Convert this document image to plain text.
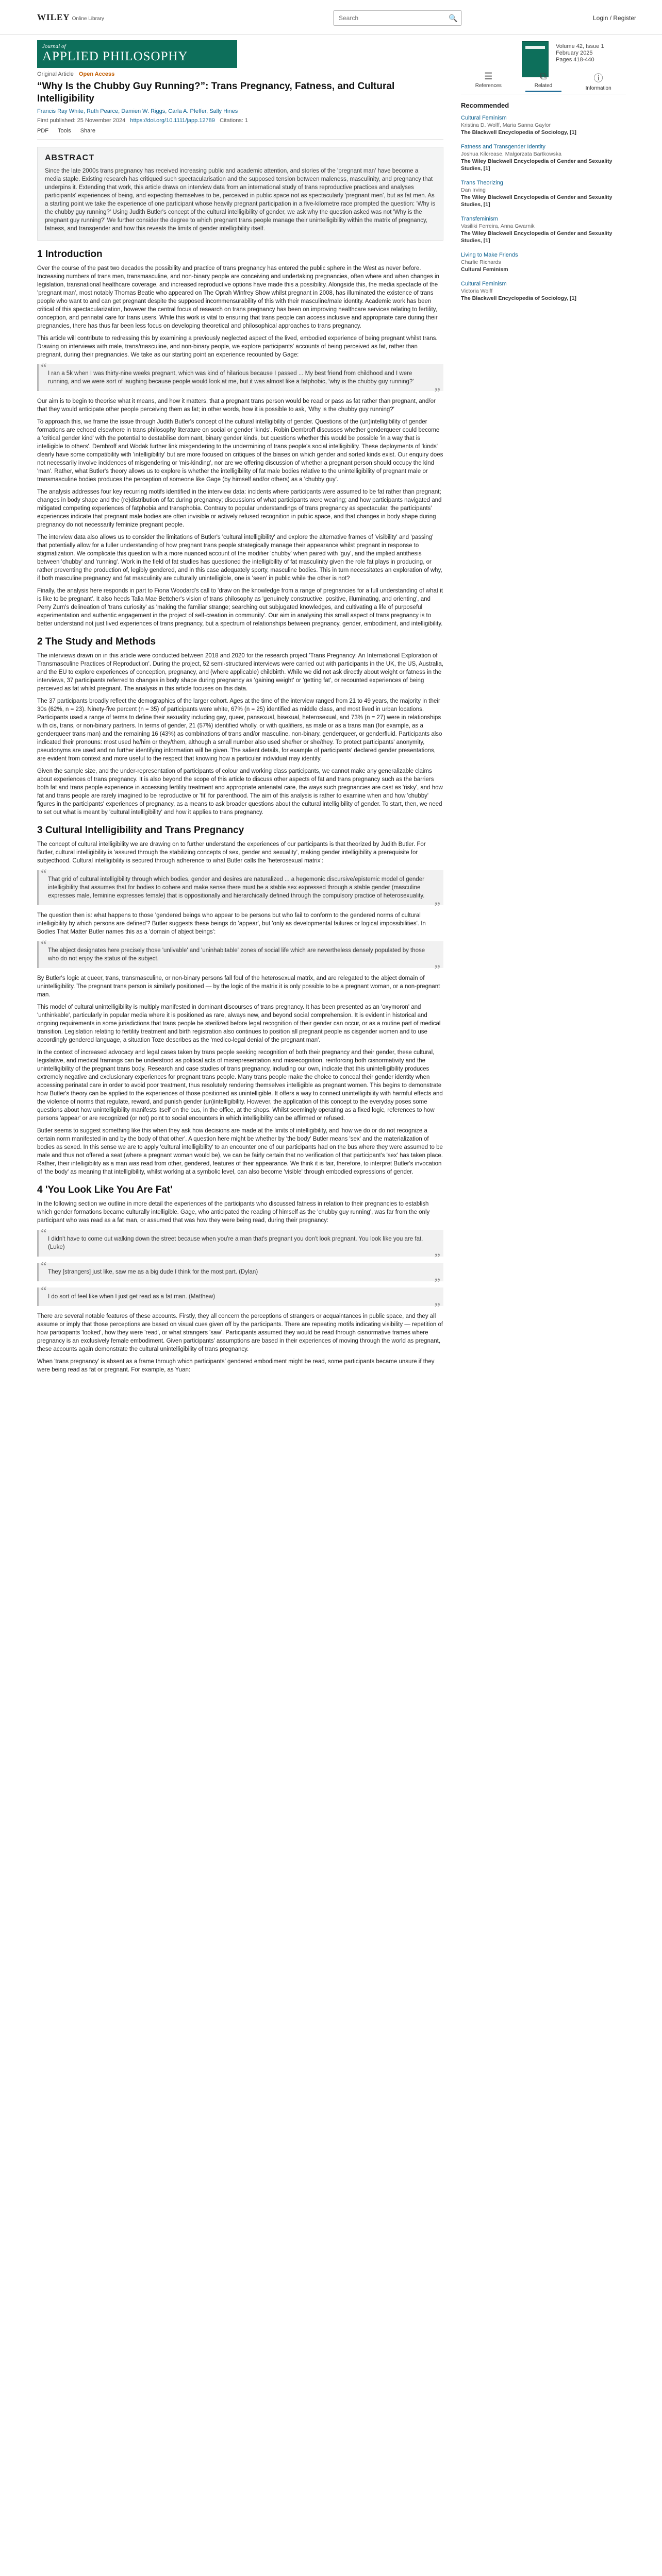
WILEY Online Library
Search	🔍	Login / Register
Journal of
APPLIED PHILOSOPHY
Volume 42, Issue 1
February 2025
Pages 418-440
Original Article Open Access
“Why Is the Chubby Guy Running?”: Trans Pregnancy, Fatness, and Cultural Intelligibility
Francis Ray White, Ruth Pearce, Damien W. Riggs, Carla A. Pfeffer, Sally Hines
First published: 25 November 2024 https://doi.org/10.1111/japp.12789 Citations: 1
PDF Tools Share
ABSTRACT

Since the late 2000s trans pregnancy has received increasing public and academic attention, and stories of the 'pregnant man' have become a media staple. Existing research has critiqued such spectacularisation and the supposed tension between maleness, masculinity, and pregnancy that underpins it. Extending that work, this article draws on interview data from an international study of trans reproductive practices and analyses participants' experiences of being, and expecting themselves to be, perceived in public space not as spectacularly 'pregnant men', but as fat men. As a starting point we take the experience of one participant whose heavily pregnant participation in a five-kilometre race prompted the question: 'Why is the chubby guy running?' Using Judith Butler's concept of the cultural intelligibility of gender, we ask why the question asked was not 'Why is the pregnant guy running?' We further consider the degree to which pregnant trans people manage their unintelligibility within the matrix of pregnancy, fatness, and transgender and how this reveals the limits of gender intelligibility itself.

1 Introduction

Over the course of the past two decades the possibility and practice of trans pregnancy has entered the public sphere in the West as never before. Increasing numbers of trans men, transmasculine, and non-binary people are conceiving and undertaking pregnancies, often where and when changes in legislation, transnational healthcare coverage, and increased reproductive options have made this a possibility. Alongside this, the media spectacle of the 'pregnant man', most notably Thomas Beatie who appeared on The Oprah Winfrey Show whilst pregnant in 2008, has illuminated the existence of trans people who want to and can get pregnant despite the supposed incommensurability of this with their masculine/male identity. Academic work has been critical of this spectacularization, however the central focus of research on trans pregnancy has been on improving healthcare services relating to fertility, conception, and perinatal care for trans users. While this work is vital to ensuring that trans people can access inclusive and appropriate care during their pregnancies, there has thus far been less focus on developing theoretical and philosophical approaches to trans pregnancy.

This article will contribute to redressing this by examining a previously neglected aspect of the lived, embodied experience of being pregnant whilst trans. Drawing on interviews with male, trans/masculine, and non-binary people, we explore participants' accounts of being perceived as fat, rather than pregnant, during their pregnancies. We take as our starting point an experience recounted by Gage:

“ I ran a 5k when I was thirty-nine weeks pregnant, which was kind of hilarious because I passed ... My best friend from childhood and I were running, and we were sort of laughing because people would look at me, but it was almost like a fatphobic, 'why is the chubby guy running?' ”

Our aim is to begin to theorise what it means, and how it matters, that a pregnant trans person would be read or pass as fat rather than pregnant, and/or that they would anticipate other people perceiving them as fat; in other words, how it is possible to ask, 'Why is the chubby guy running?'

To approach this, we frame the issue through Judith Butler's concept of the cultural intelligibility of gender. Questions of the (un)intelligibility of gender formations are echoed elsewhere in trans philosophy literature on social or gender 'kinds'. Robin Dembroff discusses whether genderqueer could become a 'critical gender kind' with the potential to destabilise dominant, binary gender kinds, but questions whether this would be possible 'in a way that is intelligible to others'. Dembroff and Wodak further link misgendering to the undermining of trans people's social intelligibility. These deployments of 'kinds' clearly have some compatibility with 'intelligibility' but are more focused on critiques of the biases on which gender and sorted kinds exist. Our enquiry does not necessarily involve incidences of misgendering or 'mis-kinding', nor are we offering discussion of whether a pregnant person should occupy the kind 'man'. Rather, what Butler's theory allows us to explore is whether the intelligibility of fat male bodies relative to the unintelligibility of pregnant male or transmasculine bodies produces the perception of someone like Gage (by himself and/or others) as a 'chubby guy'.

The analysis addresses four key recurring motifs identified in the interview data: incidents where participants were assumed to be fat rather than pregnant; changes in body shape and the (re)distribution of fat during pregnancy; discussions of what participants were wearing; and how participants navigated and mitigated competing experiences of fatphobia and transphobia. Contrary to popular understandings of trans pregnancy as spectacular, the participants' experiences indicate that pregnant male bodies are often invisible or actively refused recognition in public space, and that changes in body shape during pregnancy do not necessarily feminize pregnant people.

The interview data also allows us to consider the limitations of Butler's 'cultural intelligibility' and explore the alternative frames of 'visibility' and 'passing' that potentially allow for a fuller understanding of how pregnant trans people strategically manage their appearance whilst pregnant in response to stigmatization. We complicate this question with a more nuanced account of the modifier 'chubby' when paired with 'guy', and the implied antithesis between 'chubby' and 'running'. Work in the field of fat studies has questioned the intelligibility of fat masculinity given the role fat plays in producing, or rather preventing the production of, legibly gendered, and in this case adequately sporty, masculine bodies. This in turn necessitates an exploration of why, if both masculine pregnancy and fat masculinity are culturally unintelligible, one is 'seen' in public while the other is not?

Finally, the analysis here responds in part to Fiona Woodard's call to 'draw on the knowledge from a range of pregnancies for a full understanding of what it is like to be pregnant'. It also heeds Talia Mae Bettcher's vision of trans philosophy as 'genuinely constructive, positive, illuminating, and orienting', and Perry Zurn's delineation of 'trans curiosity' as 'making the familiar strange; searching out subjugated knowledges, and cultivating a life of purposeful experimentation and authentic engagement in the project of self-creation in community'. Our aim in analysing this small aspect of trans pregnancy is to better understand not just lived experiences of trans pregnancy, but a spectrum of relationships between pregnancy, gender, embodiment, and intelligibility.

2 The Study and Methods

The interviews drawn on in this article were conducted between 2018 and 2020 for the research project 'Trans Pregnancy: An International Exploration of Transmasculine Practices of Reproduction'. During the project, 52 semi-structured interviews were carried out with participants in the UK, the US, Australia, and the EU to explore experiences of conception, pregnancy, and (where applicable) childbirth. While we did not ask directly about weight or fatness in the interviews, 37 participants referred to changes in body shape during pregnancy as 'gaining weight' or 'getting fat', or recounted experiences of being perceived as fat whilst pregnant. The analysis in this article focuses on this data.

The 37 participants broadly reflect the demographics of the larger cohort. Ages at the time of the interview ranged from 21 to 49 years, the majority in their 30s (62%, n = 23). Ninety-five percent (n = 35) of participants were white, 67% (n = 25) identified as middle class, and most lived in urban locations. Participants used a range of terms to define their sexuality including gay, queer, pansexual, bisexual, heterosexual, and 73% (n = 27) were in relationships with cis, trans, or non-binary partners. In terms of gender, 21 (57%) identified wholly, or with qualifiers, as male or as a trans man (for example, as a genderqueer trans man) and the remaining 16 (43%) as combinations of trans and/or masculine, non-binary, genderqueer, or genderfluid. Participants also indicated their pronouns: most used he/him or they/them, although a small number also used she/her or she/they. To protect participants' anonymity, pseudonyms are used and no further identifying information will be given. The salient details, for example of participants' declared gender presentations, are evident from context and more useful to the respect that knowing how a particular individual may identify.

Given the sample size, and the under-representation of participants of colour and working class participants, we cannot make any generalizable claims about experiences of trans pregnancy. It is also beyond the scope of this article to discuss other aspects of fat and trans pregnancy such as the barriers both fat and trans people experience in accessing fertility treatment and appropriate antenatal care, the ways such pregnancies are cast as 'risky', and how fat and trans people are rarely imagined to be reproductive or 'fit' for parenthood. The aim of this analysis is rather to examine when and how 'chubby' figures in the participants' experiences of pregnancy, as a means to ask broader questions about the cultural intelligibility of gender. To start, then, we need to set out what is meant by 'cultural intelligibility' and how it applies to trans pregnancy.

3 Cultural Intelligibility and Trans Pregnancy

The concept of cultural intelligibility we are drawing on to further understand the experiences of our participants is that theorized by Judith Butler. For Butler, cultural intelligibility is 'assured through the stabilizing concepts of sex, gender and sexuality', making gender intelligibility a prerequisite for subjecthood. Cultural intelligibility is secured through adherence to what Butler calls the 'heterosexual matrix':

“ That grid of cultural intelligibility through which bodies, gender and desires are naturalized ... a hegemonic discursive/epistemic model of gender intelligibility that assumes that for bodies to cohere and make sense there must be a stable sex expressed through a stable gender (masculine expresses male, feminine expresses female) that is oppositionally and hierarchically defined through the compulsory practice of heterosexuality. ”

The question then is: what happens to those 'gendered beings who appear to be persons but who fail to conform to the gendered norms of cultural intelligibility by which persons are defined'? Butler suggests these beings do 'appear', but 'only as developmental failures or logical impossibilities'. In Bodies That Matter Butler names this as a 'domain of abject beings':

“ The abject designates here precisely those 'unlivable' and 'uninhabitable' zones of social life which are nevertheless densely populated by those who do not enjoy the status of the subject. ”

By Butler's logic at queer, trans, transmasculine, or non-binary persons fall foul of the heterosexual matrix, and are relegated to the abject domain of unintelligibility. The pregnant trans person is similarly positioned — by the logic of the matrix it is only possible to be a pregnant woman, or a non-pregnant man.

This model of cultural unintelligibility is multiply manifested in dominant discourses of trans pregnancy. It has been presented as an 'oxymoron' and 'unthinkable', particularly in popular media where it is positioned as rare, always new, and beyond social comprehension. It is evident in historical and ongoing requirements in some jurisdictions that trans people be sterilized before legal recognition of their gender can occur, or as a routine part of medical transition. Legislation relating to fertility treatment and birth registration also continues to position all pregnant people as cisgender women and to use accordingly gendered language, a situation Toze describes as the 'medico-legal denial of the pregnant man'.

In the context of increased advocacy and legal cases taken by trans people seeking recognition of both their pregnancy and their gender, these cultural, legislative, and medical framings can be understood as political acts of misrepresentation and misrecognition, reinforcing both cisnormativity and the unintelligibility of the pregnant trans body. Research and case studies of trans pregnancy, including our own, indicate that this unintelligibility produces extremely negative and exclusionary experiences for pregnant trans people. Many trans people make the choice to conceal their gender identity when accessing perinatal care in order to avoid poor treatment, thus resolutely rendering themselves intelligible as pregnant women. This begins to demonstrate how Butler's theory can be applied to the experiences of those positioned as unintelligible. It offers a way to connect unintelligibility with harmful effects and the violence of norms that regulate, reward, and punish gender (un)intelligibility. However, the application of this concept to the everyday poses some questions about how unintelligibility manifests itself on the bus, in the office, at the shops. Whilst seemingly operating as a fixed logic, references to how persons 'appear' or are recognized (or not) point to social encounters in which intelligibility can be affirmed or refused.

Butler seems to suggest something like this when they ask how decisions are made at the limits of intelligibility, and 'how we do or do not recognize a certain norm manifested in and by the body of that other'. A question here might be whether by 'the body' Butler means 'sex' and the materialization of bodies as sexed. In this sense we are to apply 'cultural intelligibility' to an encounter one of our participants had on the bus where they were assumed to be male and thus not offered a seat (where a pregnant woman would be), we can be fairly certain that no verification of that participant's 'sex' has taken place. Rather, their intelligibility as a man was read from other, gendered, features of their appearance. We think it is fair, therefore, to interpret Butler's invocation of 'the body' as meaning that intelligibility, whilst working at a symbolic level, can also become 'visible' through embodied expressions of gender.

4 'You Look Like You Are Fat'

In the following section we outline in more detail the experiences of the participants who discussed fatness in relation to their pregnancies to establish which gender formations became culturally intelligible. Gage, who anticipated the reading of himself as the 'chubby guy running', was far from the only participant who was read as a fat man, or assumed that was how they were being read, during their pregnancy:

“ I didn't have to come out walking down the street because when you're a man that's pregnant you don't look pregnant. You look like you are fat. (Luke) ”
“ They [strangers] just like, saw me as a big dude I think for the most part. (Dylan) ”
“ I do sort of feel like when I just get read as a fat man. (Matthew) ”

There are several notable features of these accounts. Firstly, they all concern the perceptions of strangers or acquaintances in public space, and they all assume or imply that those perceptions are based on visual cues given off by the participants. There are repeating motifs indicating visibility — repetition of how participants 'looked', how they were 'read', or what strangers 'saw'. Participants assumed they would be read through cisnormative frames where pregnancy is an exclusively female embodiment. Given participants' assumptions are based in their experiences of moving through the world as pregnant, these accounts again demonstrate the cultural unintelligibility of trans pregnancy.

When 'trans pregnancy' is absent as a frame through which participants' gendered embodiment might be read, some participants became unsure if they were being read as fat or pregnant. For example, as Yuan:

☰
References
⧉
Related
ⓘ
Information
Recommended
Cultural Feminism
Kristina D. Wolff, Maria Sanna Gaylor
The Blackwell Encyclopedia of Sociology, [1]
Fatness and Transgender Identity
Joshua Kilcrease, Małgorzata Bartkowska
The Wiley Blackwell Encyclopedia of Gender and Sexuality Studies, [1]
Trans Theorizing
Dan Irving
The Wiley Blackwell Encyclopedia of Gender and Sexuality Studies, [1]
Transfeminism
Vasiliki Ferreira, Anna Gwarnik
The Wiley Blackwell Encyclopedia of Gender and Sexuality Studies, [1]
Living to Make Friends
Charlie Richards
Cultural Feminism
Cultural Feminism
Victoria Wolff
The Blackwell Encyclopedia of Sociology, [1]
